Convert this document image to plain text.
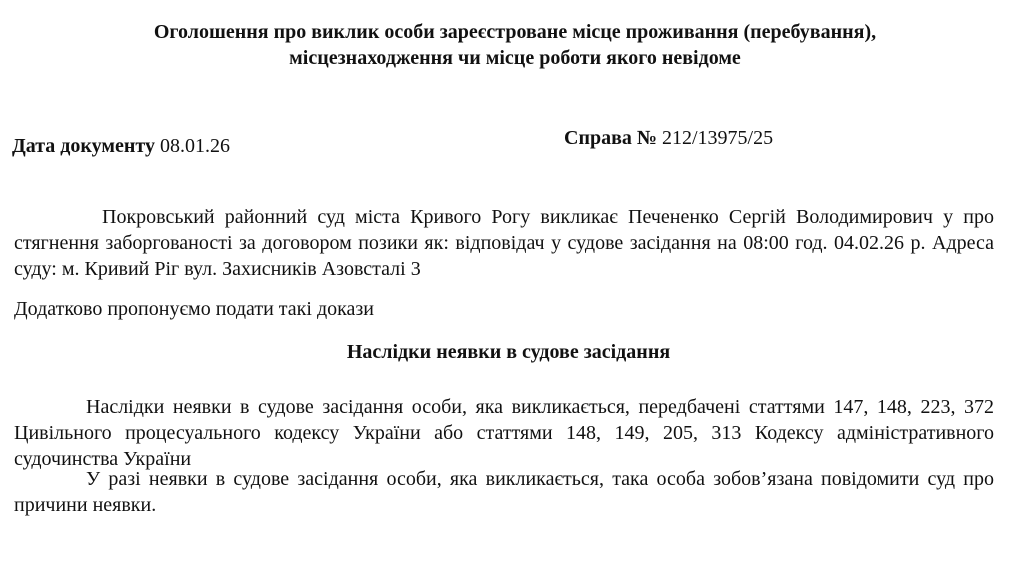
Оголошення про виклик особи зареєстроване місце проживання (перебування),
місцезнаходження чи місце роботи якого невідоме
Дата документу 08.01.26	Справа № 212/13975/25
Покровський районний суд міста Кривого Рогу викликає Печененко Сергій Володимирович у про стягнення заборгованості за договором позики як: відповідач у судове засідання на 08:00 год. 04.02.26 р. Адреса суду: м. Кривий Ріг вул. Захисників Азовсталі 3
Додатково пропонуємо подати такі докази
Наслідки неявки в судове засідання
Наслідки неявки в судове засідання особи, яка викликається, передбачені статтями 147, 148, 223, 372 Цивільного процесуального кодексу України або статтями 148, 149, 205, 313 Кодексу адміністративного судочинства України
У разі неявки в судове засідання особи, яка викликається, така особа зобов’язана повідомити суд про причини неявки.
